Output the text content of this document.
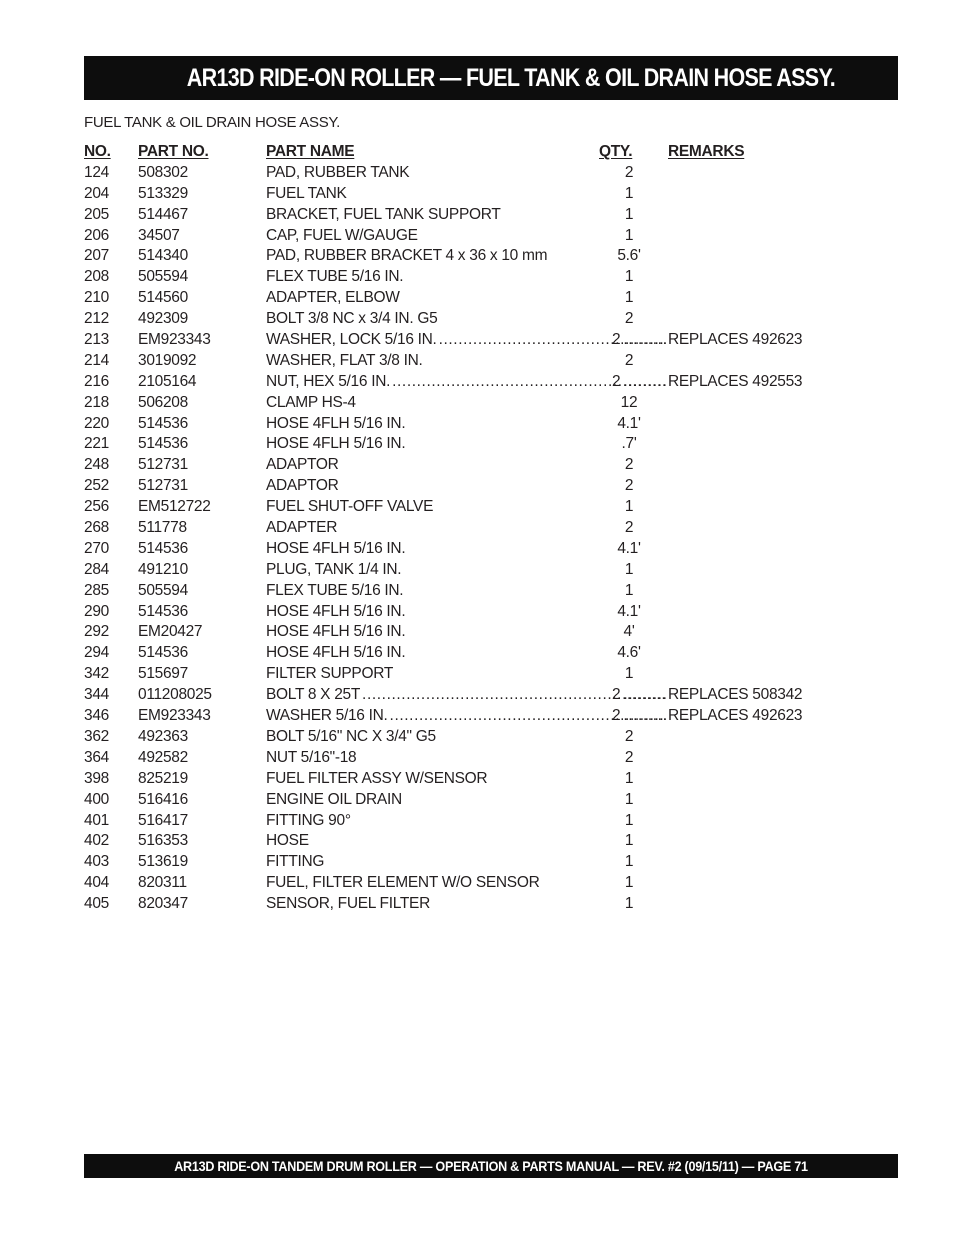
AR13D RIDE-ON ROLLER — FUEL TANK & OIL DRAIN HOSE ASSY.
FUEL TANK & OIL DRAIN HOSE ASSY.
NO. PART NO.	PART NAME	QTY.	REMARKS
124 508302	PAD, RUBBER TANK	2
204 513329	FUEL TANK	1
205 514467	BRACKET, FUEL TANK SUPPORT	1
206 34507	CAP, FUEL W/GAUGE	1
207 514340	PAD, RUBBER BRACKET 4 x 36 x 10 mm	5.6'
208 505594	FLEX TUBE 5/16 IN.	1
210 514560	ADAPTER, ELBOW	1
212 492309	BOLT 3/8 NC x 3/4 IN. G5	2
213 EM923343	WASHER, LOCK 5/16 IN. .....	2 .....	REPLACES 492623
214 3019092	WASHER, FLAT 3/8 IN.	2
216 2105164	NUT, HEX 5/16 IN. .....	2 .....	REPLACES 492553
218 506208	CLAMP HS-4	12
220 514536	HOSE 4FLH 5/16 IN.	4.1'
221 514536	HOSE 4FLH 5/16 IN.	.7'
248 512731	ADAPTOR	2
252 512731	ADAPTOR	2
256 EM512722	FUEL SHUT-OFF VALVE	1
268 511778	ADAPTER	2
270 514536	HOSE 4FLH 5/16 IN.	4.1'
284 491210	PLUG, TANK 1/4 IN.	1
285 505594	FLEX TUBE 5/16 IN.	1
290 514536	HOSE 4FLH 5/16 IN.	4.1'
292 EM20427	HOSE 4FLH 5/16 IN.	4'
294 514536	HOSE 4FLH 5/16 IN.	4.6'
342 515697	FILTER SUPPORT	1
344 011208025	BOLT 8 X 25T .....	2 .....	REPLACES 508342
346 EM923343	WASHER 5/16 IN. .....	2 .....	REPLACES 492623
362 492363	BOLT 5/16" NC X 3/4" G5	2
364 492582	NUT 5/16"-18	2
398 825219	FUEL FILTER ASSY W/SENSOR	1
400 516416	ENGINE OIL DRAIN	1
401 516417	FITTING 90°	1
402 516353	HOSE	1
403 513619	FITTING	1
404 820311	FUEL, FILTER ELEMENT W/O SENSOR	1
405 820347	SENSOR, FUEL FILTER	1
AR13D RIDE-ON TANDEM DRUM ROLLER — OPERATION & PARTS MANUAL — REV. #2 (09/15/11) — PAGE 71
